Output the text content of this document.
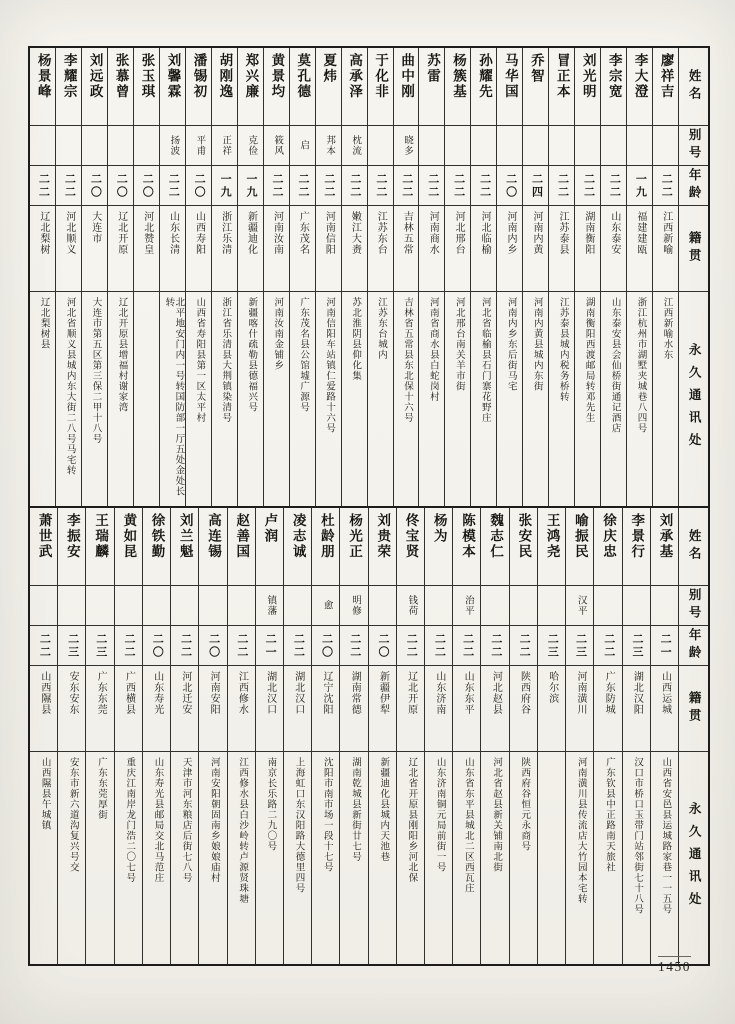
姓名
别号
年龄
籍贯
永久通讯处
廖祥吉
二二
江西新喻
江西新喻水东
李大澄
一九
福建建瓯
浙江杭州市湖墅夹城巷八四号
李宗宽
二二
山东泰安
山东泰安县会仙桥街通记酒店
刘光明
二二
湖南衡阳
湖南衡阳西渡邮局转邓先生
冒正本
二二
江苏泰县
江苏泰县城内税务桥转
乔智
二四
河南内黄
河南内黄县城内东街
马华国
二〇
河南内乡
河南内乡东后街马宅
孙耀先
二二
河北临榆
河北省临榆县石门寨花野庄
杨簇基
二二
河北邢台
河北邢台南关羊市街
苏雷
二二
河南商水
河南省商水县白蛇岗村
曲中刚
晓多
二二
吉林五常
吉林省五常县东北保十六号
于化非
二二
江苏东台
江苏东台城内
高承泽
枕流
二二
嫩江大赉
苏北淮阴县仰化集
夏炜
邦本
二二
河南信阳
河南信阳车站镇仁爱路十六号
莫孔德
启
二二
广东茂名
广东茂名县公馆墟广源号
黄景均
筱风
二二
河南汝南
河南汝南金铺乡
郑兴廉
克俭
一九
新疆迪化
新疆喀什疏勒县德福兴号
胡刚逸
正祥
一九
浙江乐清
浙江省乐清县大荆镇染清号
潘锡初
平甫
二〇
山西寿阳
山西省寿阳县第一区太平村
刘馨霖
扬波
二二
山东长清
北平地安门内一号转国防部一厅五处金处长转
张玉琪
二〇
河北赞皇
张慕曾
二〇
辽北开原
辽北开原县增福村谢家湾
刘远政
二〇
大连市
大连市第五区第三保二甲十八号
李耀宗
二二
河北顺义
河北省顺义县城内东大街二八号马宅转
杨景峰
二二
辽北梨树
辽北梨树县
姓名
别号
年龄
籍贯
永久通讯处
刘承基
二一
山西运城
山西省安邑县运城路家巷一一五号
李景行
二三
湖北汉阳
汉口市桥口玉带门站邻街七十八号
徐庆忠
二二
广东防城
广东钦县中正路南天旅社
喻振民
汉平
二三
河南潢川
河南潢川县传流店大竹园本宅转
王鸿尧
二三
哈尔滨
张安民
二二
陕西府谷
陕西府谷恒元永商号
魏志仁
二二
河北赵县
河北省赵县新关铺南北街
陈模本
治平
二二
山东东平
山东省东平县城北二区西瓦庄
杨为
二二
山东济南
山东济南铜元局前街一号
佟宝贤
钱荷
二二
辽北开原
辽北省开原县刚阳乡河北保
刘贵荣
二〇
新疆伊犁
新疆迪化县城内天池巷
杨光正
明修
二二
湖南常德
湖南乾城县新街廿七号
杜龄朋
愈
二〇
辽宁沈阳
沈阳市南市场一段十七号
凌志诚
二二
湖北汉口
上海虹口东汉阳路大德里四号
卢润
镇藩
二一
湖北汉口
南京长乐路二九〇号
赵善国
二二
江西修水
江西修水县白沙岭转卢源贤珠塘
高连锡
二〇
河南安阳
河南安阳朝固南乡娘娘庙村
刘兰魁
二二
河北迁安
天津市河东粮店后街七八号
徐铁勤
二〇
山东寿光
山东寿光县邮局交北马范庄
黄如昆
二二
广西横县
重庆江南岸龙门浩二〇七号
王瑞麟
二三
广东东莞
广东东莞厚街
李振安
二三
安东安东
安东市新六道沟复兴号交
萧世武
二二
山西隰县
山西隰县午城镇
1450
